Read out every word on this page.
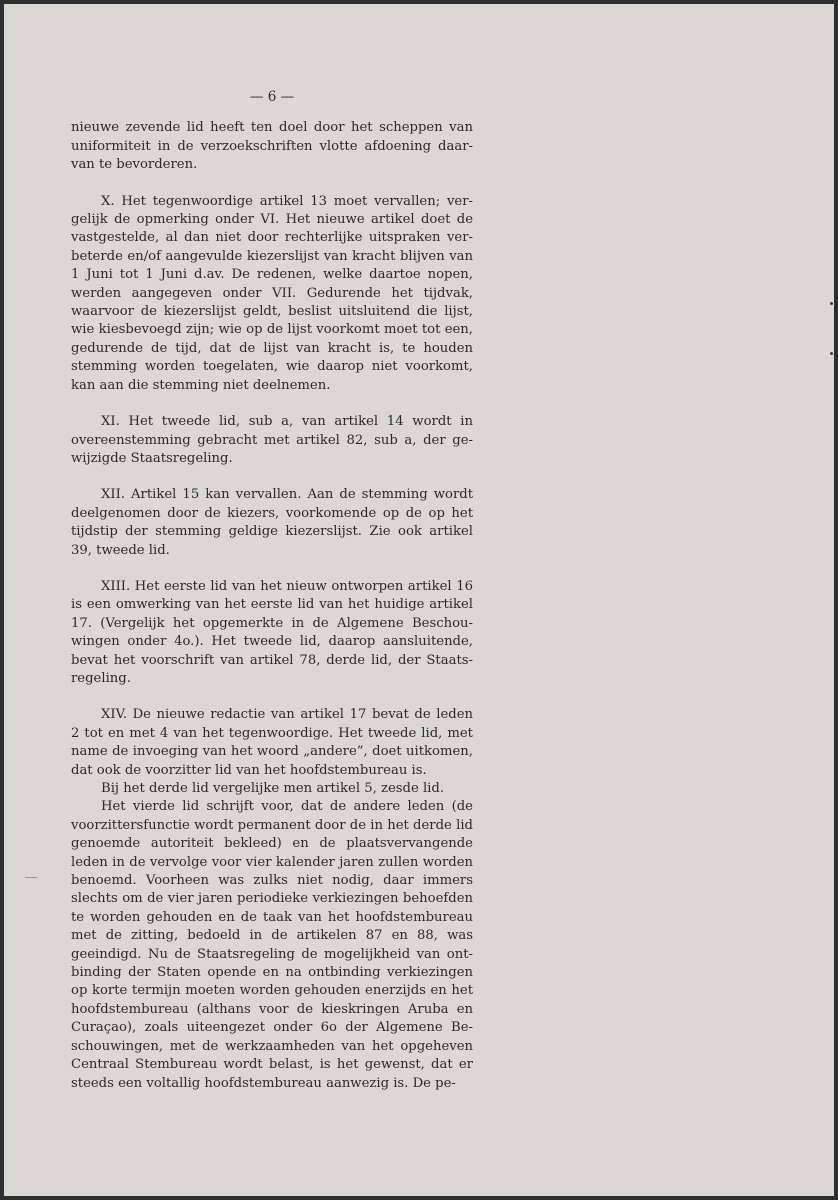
— 6 —

nieuwe zevende lid heeft ten doel door het scheppen van uniformiteit in de verzoekschriften vlotte afdoening daarvan te bevorderen.

X. Het tegenwoordige artikel 13 moet vervallen; vergelijk de opmerking onder VI. Het nieuwe artikel doet de vastgestelde, al dan niet door rechterlijke uitspraken verbeterde en/of aangevulde kiezerslijst van kracht blijven van 1 Juni tot 1 Juni d.av. De redenen, welke daartoe nopen, werden aangegeven onder VII. Gedurende het tijdvak, waarvoor de kiezerslijst geldt, beslist uitsluitend die lijst, wie kiesbevoegd zijn; wie op de lijst voorkomt moet tot een, gedurende de tijd, dat de lijst van kracht is, te houden stemming worden toegelaten, wie daarop niet voorkomt, kan aan die stemming niet deelnemen.

XI. Het tweede lid, sub a, van artikel 14 wordt in overeenstemming gebracht met artikel 82, sub a, der gewijzigde Staatsregeling.

XII. Artikel 15 kan vervallen. Aan de stemming wordt deelgenomen door de kiezers, voorkomende op de op het tijdstip der stemming geldige kiezerslijst. Zie ook artikel 39, tweede lid.

XIII. Het eerste lid van het nieuw ontworpen artikel 16 is een omwerking van het eerste lid van het huidige artikel 17. (Vergelijk het opgemerkte in de Algemene Beschouwingen onder 4o.). Het tweede lid, daarop aansluitende, bevat het voorschrift van artikel 78, derde lid, der Staatsregeling.

XIV. De nieuwe redactie van artikel 17 bevat de leden 2 tot en met 4 van het tegenwoordige. Het tweede lid, met name de invoeging van het woord „andere”, doet uitkomen, dat ook de voorzitter lid van het hoofdstembureau is.

Bij het derde lid vergelijke men artikel 5, zesde lid.

Het vierde lid schrijft voor, dat de andere leden (de voorzittersfunctie wordt permanent door de in het derde lid genoemde autoriteit bekleed) en de plaatsvervangende leden in de vervolge voor vier kalender jaren zullen worden benoemd. Voorheen was zulks niet nodig, daar immers slechts om de vier jaren periodieke verkiezingen behoefden te worden gehouden en de taak van het hoofdstembureau met de zitting, bedoeld in de artikelen 87 en 88, was geeindigd. Nu de Staatsregeling de mogelijkheid van ontbinding der Staten opende en na ontbinding verkiezingen op korte termijn moeten worden gehouden enerzijds en het hoofdstembureau (althans voor de kieskringen Aruba en Curaçao), zoals uiteengezet onder 6o der Algemene Beschouwingen, met de werkzaamheden van het opgeheven Centraal Stembureau wordt belast, is het gewenst, dat er steeds een voltallig hoofdstembureau aanwezig is. De pe-
